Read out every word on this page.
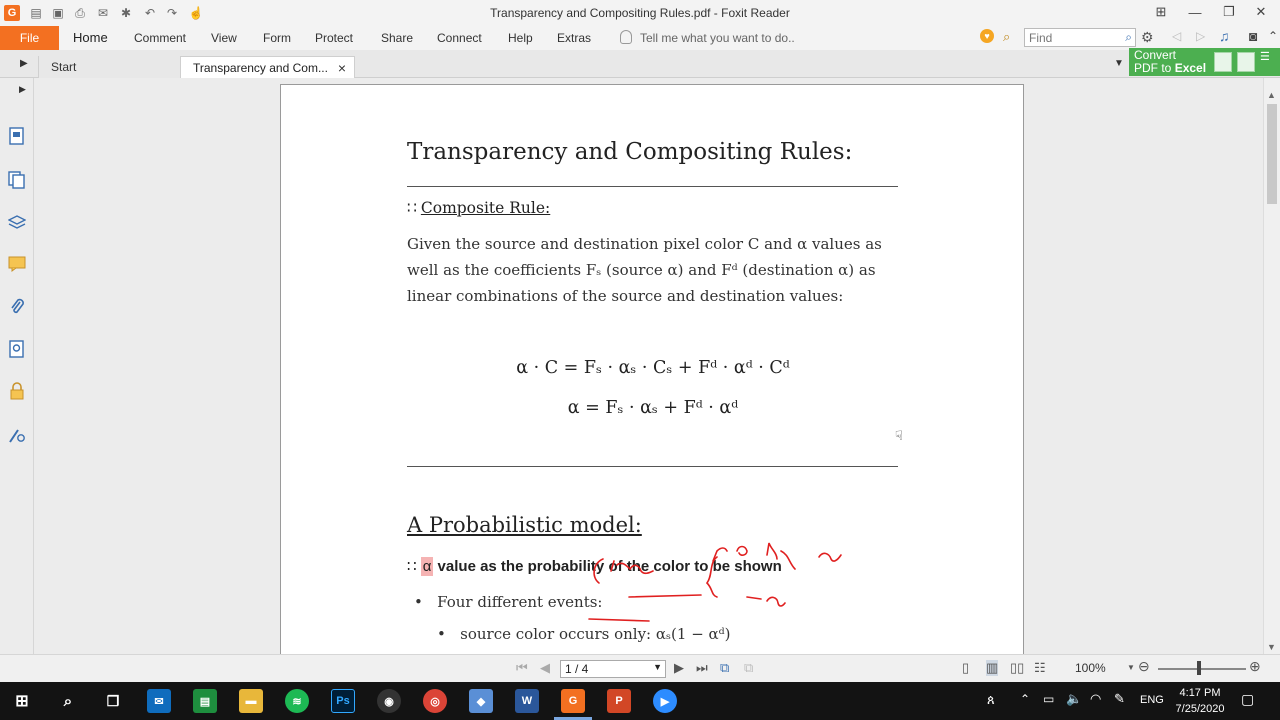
G	▤ ▣ ⎙ ✉ ✱ ↶ ↷ ☝	Transparency and Compositing Rules.pdf - Foxit Reader	⊞	—	❐	✕
File	Home Comment View Form Protect Share Connect Help Extras	Tell me what you want to do..	♥	⌕	Find	⌕ ⚙ ◁ ▷ ♫ ◙ ⌃
▶	Start	Transparency and Com... ×	▼
Convert
PDF to Excel
☰
▶
Transparency and Compositing Rules:
∷ Composite Rule:
Given the source and destination pixel color C and α values as
well as the coefficients Fₛ (source α) and Fᵈ (destination α) as
linear combinations of the source and destination values:
α · C = Fₛ · αₛ · Cₛ + Fᵈ · αᵈ · Cᵈ
α = Fₛ · αₛ + Fᵈ · αᵈ
A Probabilistic model:
∷ α value as the probability of the color to be shown
•   Four different events:
•   source color occurs only: αₛ(1 − αᵈ)
☟
▲
▼
⏮ ◀	1 / 4	▼ ▶ ⏭ ⧉ ⧉	▯ ▥ ▯▯ ☷ 100%	▼ ⊖	⊕
⊞	⌕	❒	✉	▤	▬	≋	Ps	◉	◎	◆	W	G	P	▶	ጰ ⌃ ▭ 🔈 ◠ ✎ ENG
4:17 PM
7/25/2020
▢
